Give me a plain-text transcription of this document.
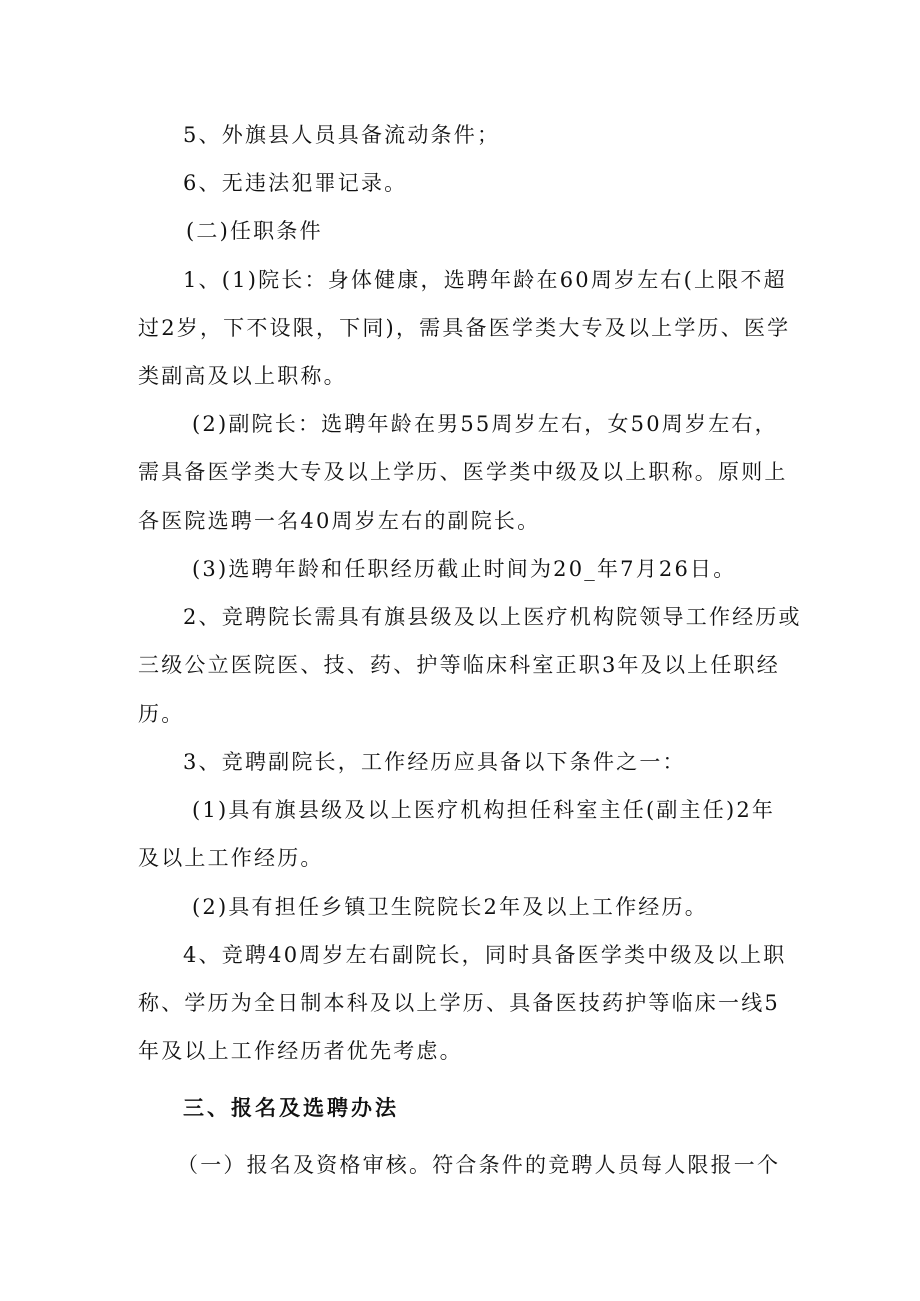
5、外旗县人员具备流动条件；
6、无违法犯罪记录。
(二)任职条件
1、(1)院长：身体健康，选聘年龄在60周岁左右(上限不超
过2岁，下不设限，下同)，需具备医学类大专及以上学历、医学
类副高及以上职称。
(2)副院长：选聘年龄在男55周岁左右，女50周岁左右，
需具备医学类大专及以上学历、医学类中级及以上职称。原则上
各医院选聘一名40周岁左右的副院长。
(3)选聘年龄和任职经历截止时间为20_年7月26日。
2、竞聘院长需具有旗县级及以上医疗机构院领导工作经历或
三级公立医院医、技、药、护等临床科室正职3年及以上任职经
历。
3、竞聘副院长，工作经历应具备以下条件之一：
(1)具有旗县级及以上医疗机构担任科室主任(副主任)2年
及以上工作经历。
(2)具有担任乡镇卫生院院长2年及以上工作经历。
4、竞聘40周岁左右副院长，同时具备医学类中级及以上职
称、学历为全日制本科及以上学历、具备医技药护等临床一线5
年及以上工作经历者优先考虑。
三、报名及选聘办法
（一）报名及资格审核。符合条件的竞聘人员每人限报一个
